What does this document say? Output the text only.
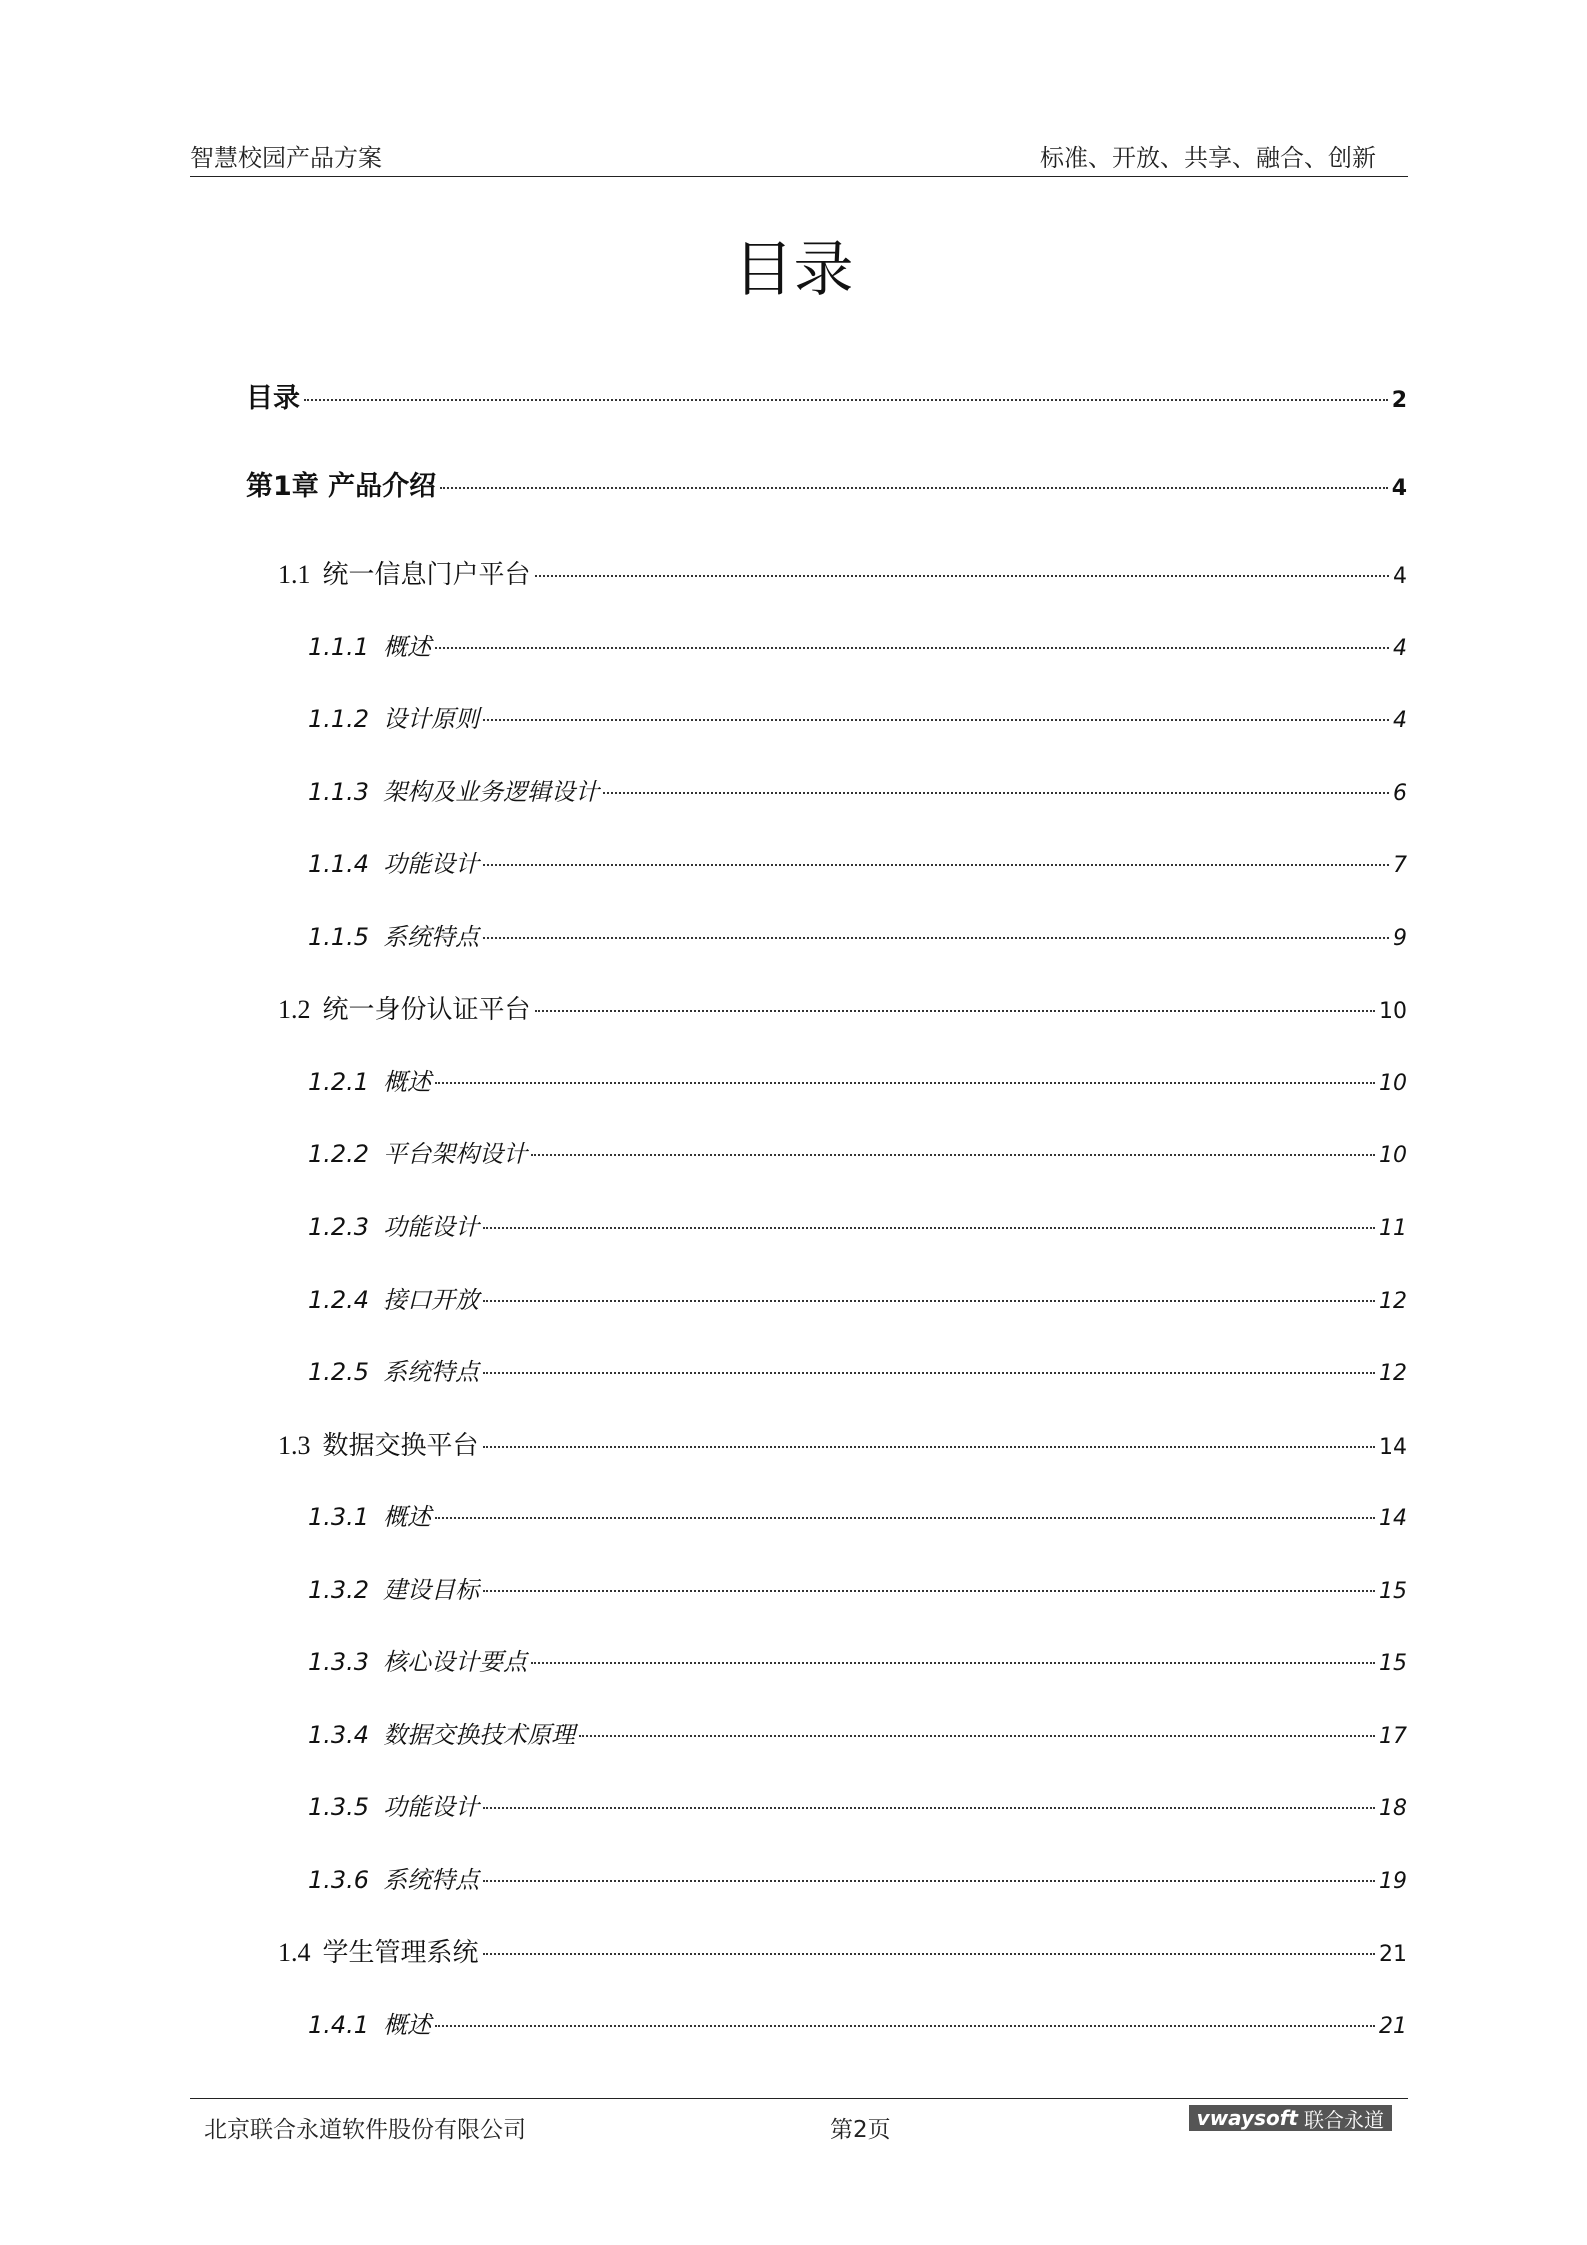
智慧校园产品方案	标准、开放、共享、融合、创新
目录
目录	2
第1章 产品介绍	4
1.1 统一信息门户平台	4
1.1.1 概述	4
1.1.2 设计原则	4
1.1.3 架构及业务逻辑设计	6
1.1.4 功能设计	7
1.1.5 系统特点	9
1.2 统一身份认证平台	10
1.2.1 概述	10
1.2.2 平台架构设计	10
1.2.3 功能设计	11
1.2.4 接口开放	12
1.2.5 系统特点	12
1.3 数据交换平台	14
1.3.1 概述	14
1.3.2 建设目标	15
1.3.3 核心设计要点	15
1.3.4 数据交换技术原理	17
1.3.5 功能设计	18
1.3.6 系统特点	19
1.4 学生管理系统	21
1.4.1 概述	21
北京联合永道软件股份有限公司	第2页	vwaysoft 联合永道
